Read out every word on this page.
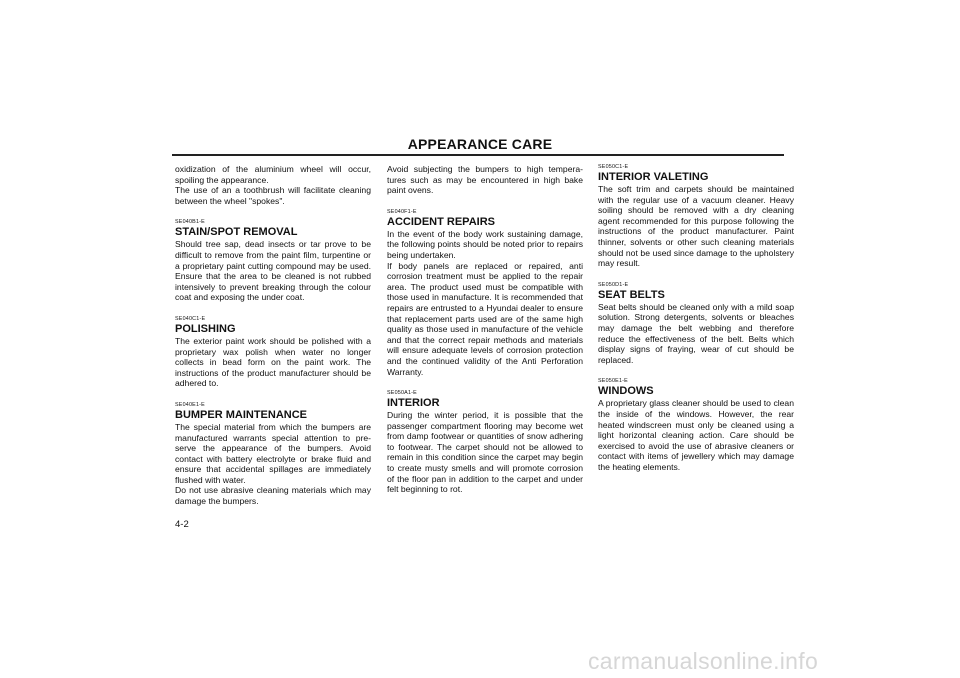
APPEARANCE CARE

oxidization of the aluminium wheel will occur, spoiling the appearance.

The use of an a toothbrush will facilitate cleaning between the wheel "spokes".

SE040B1-E

STAIN/SPOT REMOVAL

Should tree sap, dead insects or tar prove to be difficult to remove from the paint film, turpentine or a proprietary paint cutting compound may be used. Ensure that the area to be cleaned is not rubbed intensively to prevent breaking through the colour coat and exposing the under coat.

SE040C1-E

POLISHING

The exterior paint work should be polished with a proprietary wax polish when water no longer collects in bead form on the paint work. The instructions of the product manufacturer should be adhered to.

SE040E1-E

BUMPER MAINTENANCE

The special material from which the bumpers are manufactured warrants special attention to pre-serve the appearance of the bumpers. Avoid contact with battery electrolyte or brake fluid and ensure that accidental spillages are immediately flushed with water.

Do not use abrasive cleaning materials which may damage the bumpers.

Avoid subjecting the bumpers to high tempera-tures such as may be encountered in high bake paint ovens.

SE040F1-E

ACCIDENT REPAIRS

In the event of the body work sustaining damage, the following points should be noted prior to repairs being undertaken.

If body panels are replaced or repaired, anti corrosion treatment must be applied to the repair area. The product used must be compatible with those used in manufacture. It is recommended that repairs are entrusted to a Hyundai dealer to ensure that replacement parts used are of the same high quality as those used in manufacture of the vehicle and that the correct repair methods and materials will ensure adequate levels of corrosion protection and the continued validity of the Anti Perforation Warranty.

SE050A1-E

INTERIOR

During the winter period, it is possible that the passenger compartment flooring may become wet from damp footwear or quantities of snow adhering to footwear. The carpet should not be allowed to remain in this condition since the carpet may begin to create musty smells and will promote corrosion of the floor pan in addition to the carpet and under felt beginning to rot.

SE050C1-E

INTERIOR VALETING

The soft trim and carpets should be maintained with the regular use of a vacuum cleaner. Heavy soiling should be removed with a dry cleaning agent recommended for this purpose following the instructions of the product manufacturer. Paint thinner, solvents or other such cleaning materials should not be used since damage to the upholstery may result.

SE050D1-E

SEAT BELTS

Seat belts should be cleaned only with a mild soap solution. Strong detergents, solvents or bleaches may damage the belt webbing and therefore reduce the effectiveness of the belt. Belts which display signs of fraying, wear of cut should be replaced.

SE050E1-E

WINDOWS

A proprietary glass cleaner should be used to clean the inside of the windows. However, the rear heated windscreen must only be cleaned using a light horizontal cleaning action. Care should be exercised to avoid the use of abrasive cleaners or contact with items of jewellery which may damage the heating elements.

4-2
carmanualsonline.info
